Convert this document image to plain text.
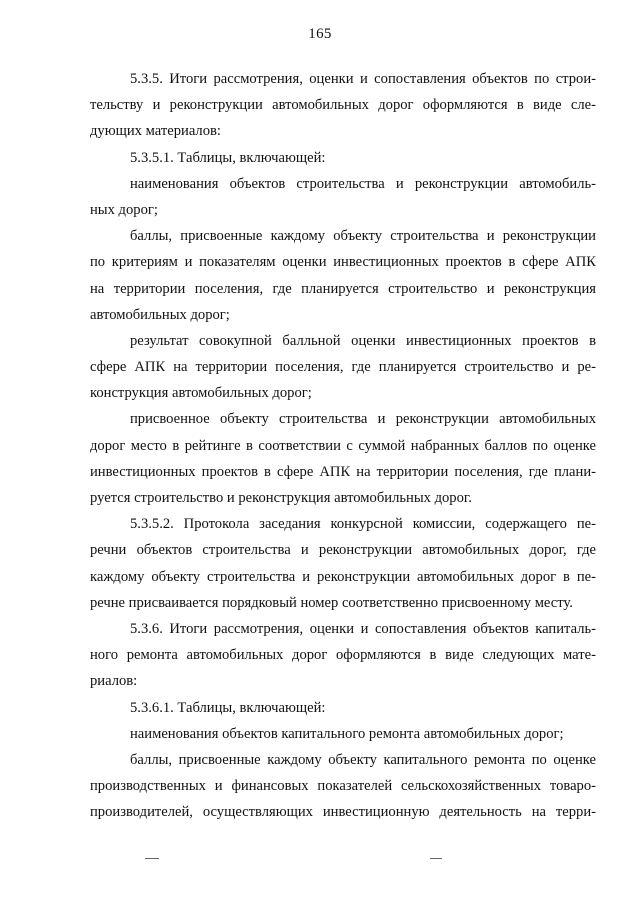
165
5.3.5. Итоги рассмотрения, оценки и сопоставления объектов по строи-
тельству и реконструкции автомобильных дорог оформляются в виде сле-
дующих материалов:
5.3.5.1. Таблицы, включающей:
наименования объектов строительства и реконструкции автомобиль-
ных дорог;
баллы, присвоенные каждому объекту строительства и реконструкции
по критериям и показателям оценки инвестиционных проектов в сфере АПК
на территории поселения, где планируется строительство и реконструкция
автомобильных дорог;
результат совокупной балльной оценки инвестиционных проектов в
сфере АПК на территории поселения, где планируется строительство и ре-
конструкция автомобильных дорог;
присвоенное объекту строительства и реконструкции автомобильных
дорог место в рейтинге в соответствии с суммой набранных баллов по оценке
инвестиционных проектов в сфере АПК на территории поселения, где плани-
руется строительство и реконструкция автомобильных дорог.
5.3.5.2. Протокола заседания конкурсной комиссии, содержащего пе-
речни объектов строительства и реконструкции автомобильных дорог, где
каждому объекту строительства и реконструкции автомобильных дорог в пе-
речне присваивается порядковый номер соответственно присвоенному месту.
5.3.6. Итоги рассмотрения, оценки и сопоставления объектов капиталь-
ного ремонта автомобильных дорог оформляются в виде следующих мате-
риалов:
5.3.6.1. Таблицы, включающей:
наименования объектов капитального ремонта автомобильных дорог;
баллы, присвоенные каждому объекту капитального ремонта по оценке
производственных и финансовых показателей сельскохозяйственных товаро-
производителей, осуществляющих инвестиционную деятельность на терри-
